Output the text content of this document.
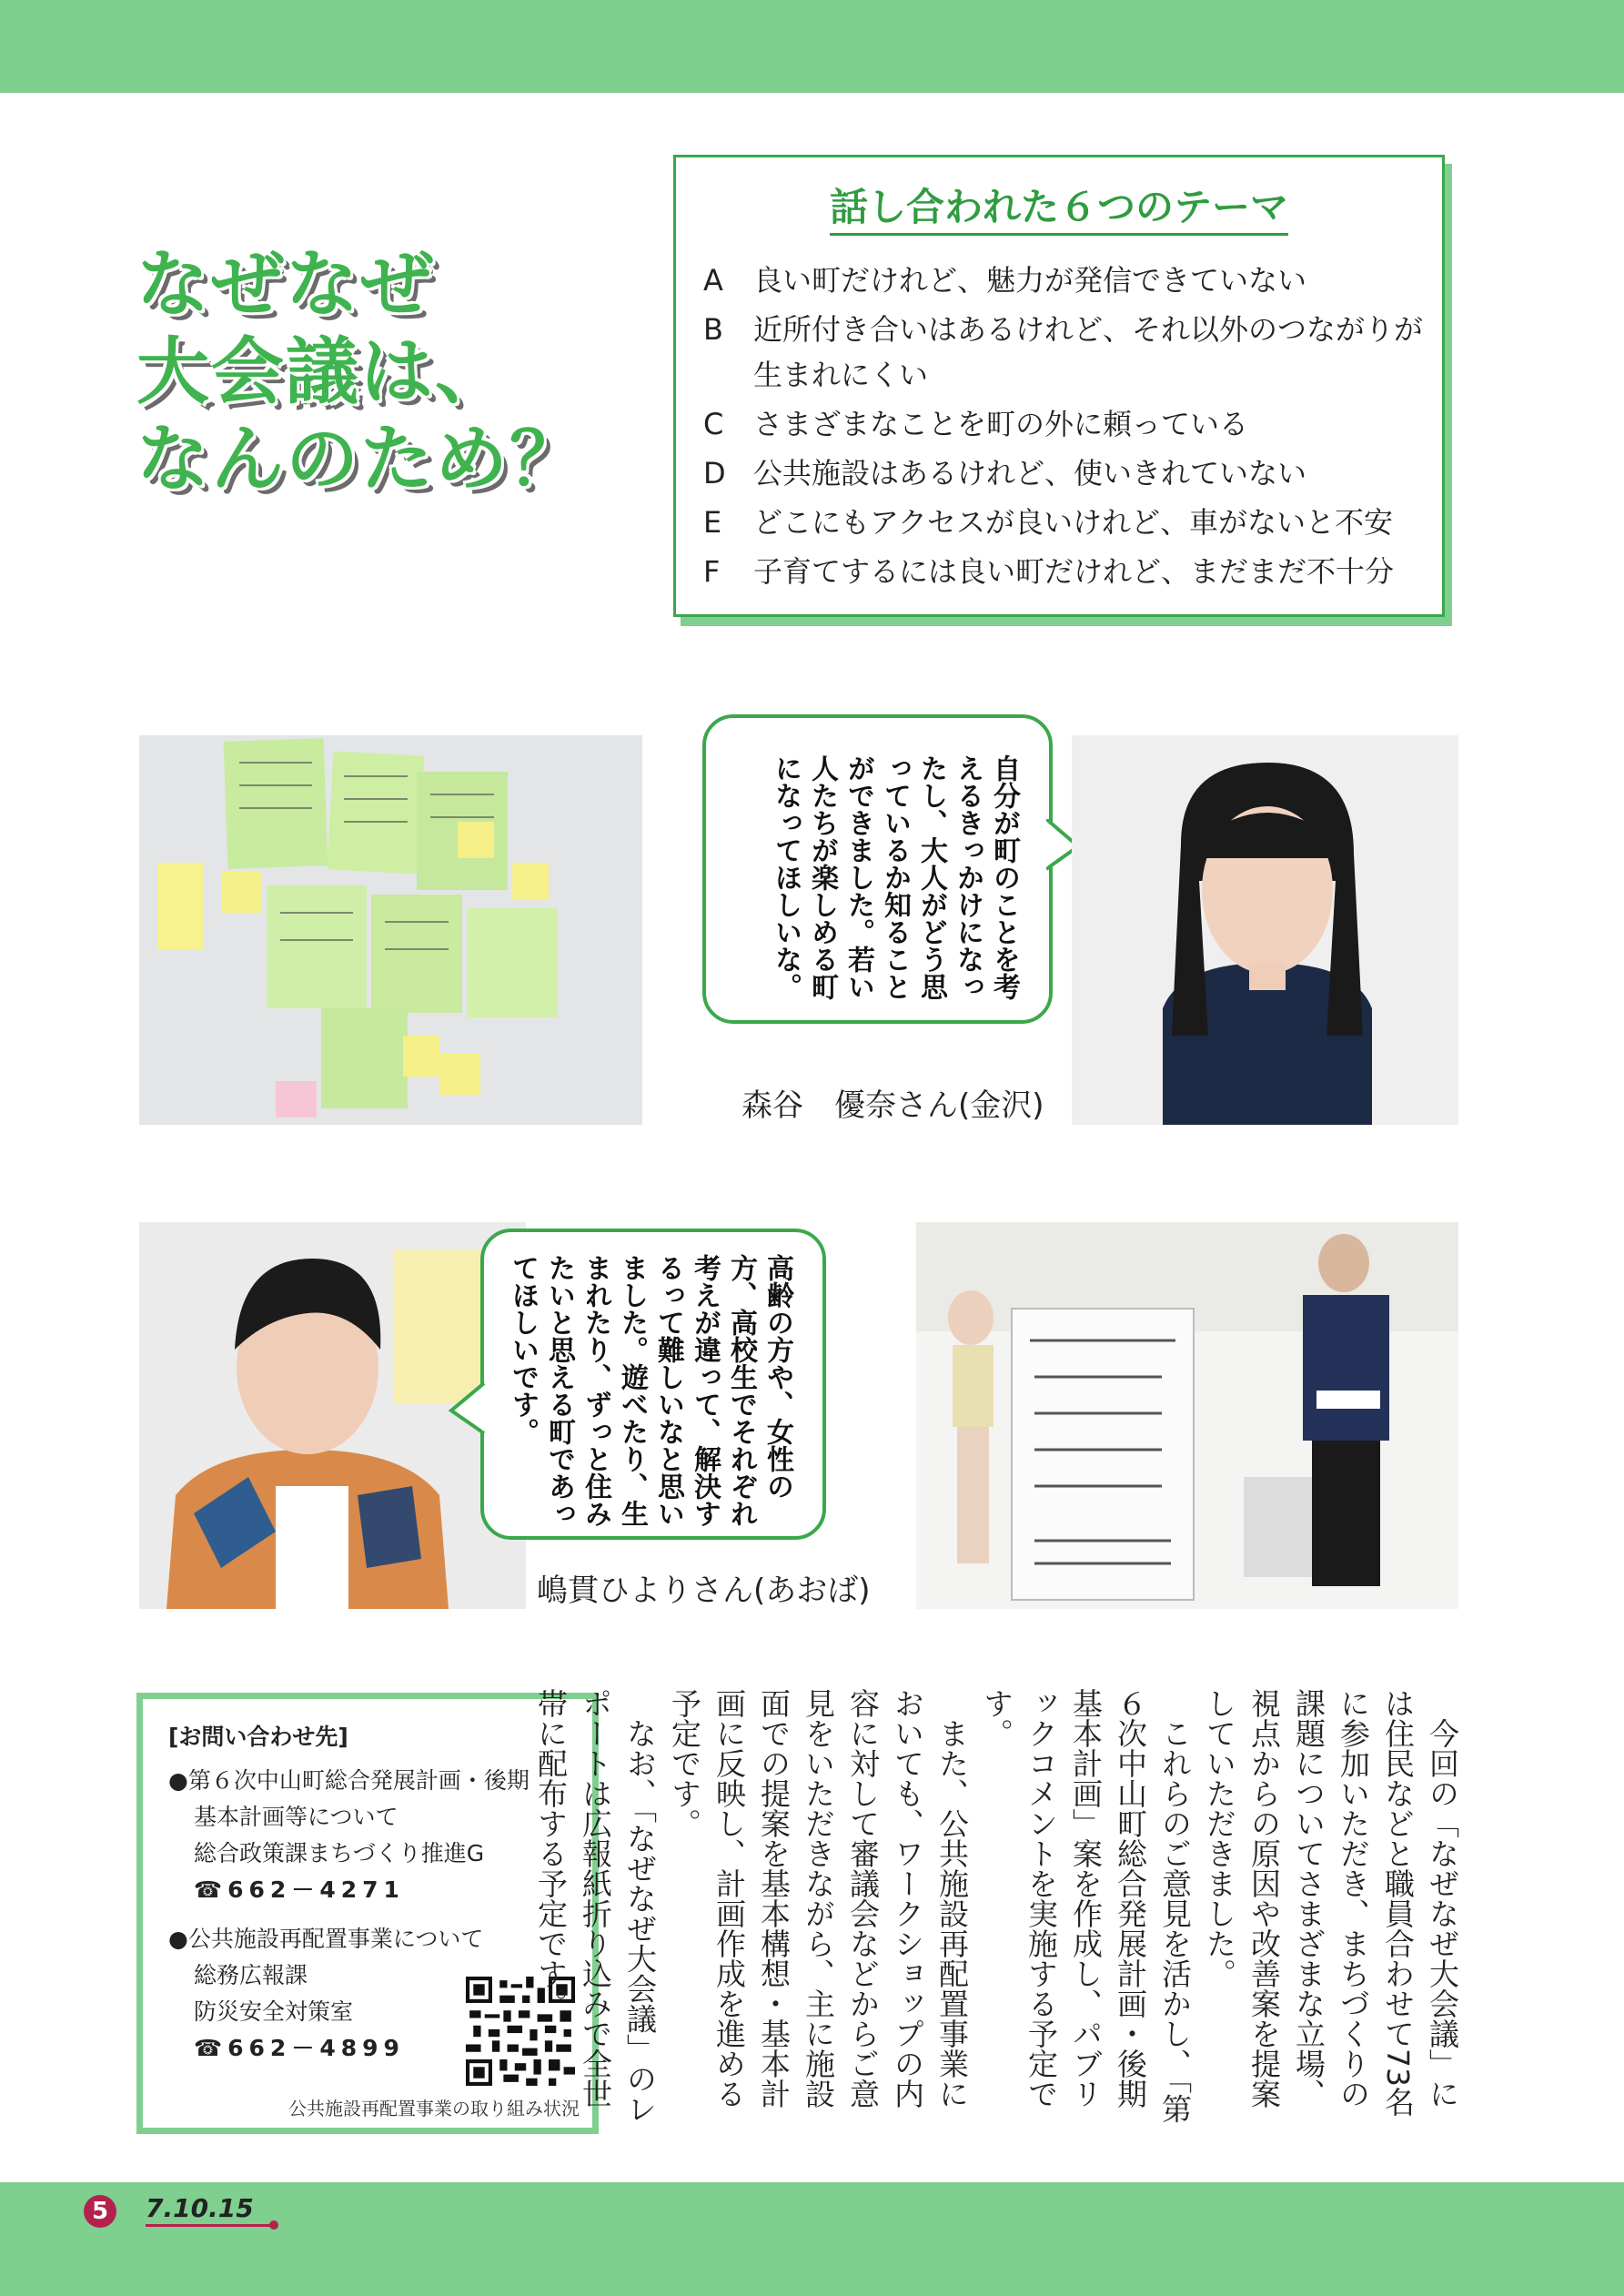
なぜなぜ
大会議は、
なんのため？
話し合われた６つのテーマ
A	良い町だけれど、魅力が発信できていない
B	近所付き合いはあるけれど、それ以外のつながりが生まれにくい
C	さまざまなことを町の外に頼っている
D 公共施設はあるけれど、使いきれていない
E	どこにもアクセスが良いけれど、車がないと不安
F	子育てするには良い町だけれど、まだまだ不十分
自分が町のことを考えるきっかけになったし、大人がどう思っているか知ることができました。若い人たちが楽しめる町になってほしいな。
森谷　優奈さん(金沢)
高齢の方や、女性の方、高校生でそれぞれ考えが違って、解決するって難しいなと思いました。遊べたり、生まれたり、ずっと住みたいと思える町であってほしいです。
嶋貫ひよりさん(あおば)
[お問い合わせ先]
●第６次中山町総合発展計画・後期
基本計画等について
総合政策課まちづくり推進G
☎662－4271
●公共施設再配置事業について
総務広報課
防災安全対策室
☎662－4899
公共施設再配置事業の取り組み状況	今回の「なぜなぜ大会議」には住民などと職員合わせて73名に参加いただき、まちづくりの課題についてさまざまな立場、視点からの原因や改善案を提案していただきました。

これらのご意見を活かし、「第６次中山町総合発展計画・後期基本計画」案を作成し、パブリックコメントを実施する予定です。

また、公共施設再配置事業においても、ワークショップの内容に対して審議会などからご意見をいただきながら、主に施設面での提案を基本構想・基本計画に反映し、計画作成を進める予定です。

なお、「なぜなぜ大会議」のレポートは広報紙折り込みで全世帯に配布する予定です。

5	7.10.15
